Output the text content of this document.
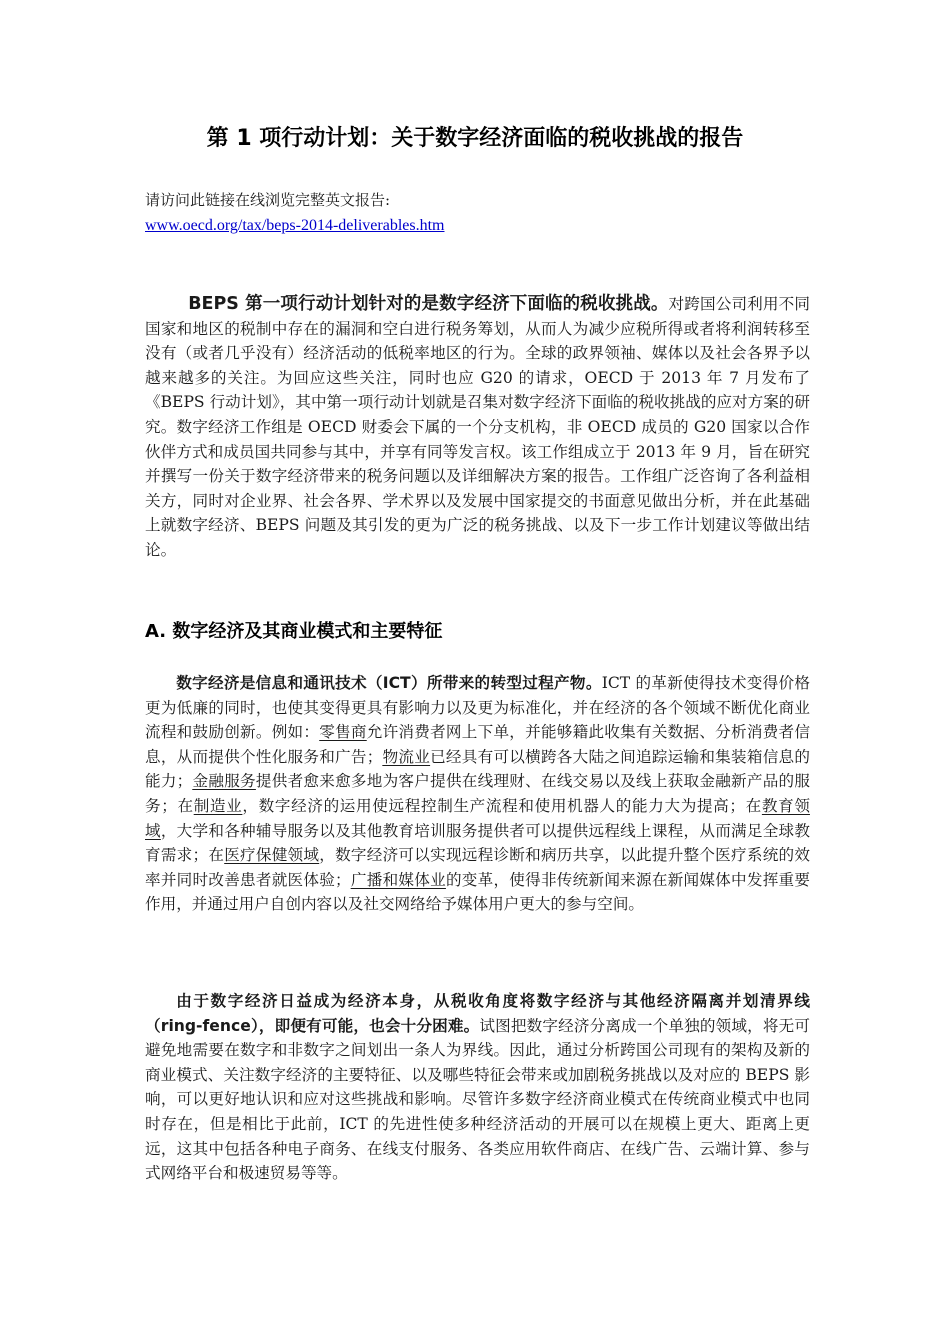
第 1 项行动计划：关于数字经济面临的税收挑战的报告
请访问此链接在线浏览完整英文报告:
www.oecd.org/tax/beps-2014-deliverables.htm

BEPS 第一项行动计划针对的是数字经济下面临的税收挑战。对跨国公司利用不同国家和地区的税制中存在的漏洞和空白进行税务筹划，从而人为减少应税所得或者将利润转移至没有（或者几乎没有）经济活动的低税率地区的行为。全球的政界领袖、媒体以及社会各界予以越来越多的关注。为回应这些关注，同时也应 G20 的请求，OECD 于 2013 年 7 月发布了《BEPS 行动计划》，其中第一项行动计划就是召集对数字经济下面临的税收挑战的应对方案的研究。数字经济工作组是 OECD 财委会下属的一个分支机构，非 OECD 成员的 G20 国家以合作伙伴方式和成员国共同参与其中，并享有同等发言权。该工作组成立于 2013 年 9 月，旨在研究并撰写一份关于数字经济带来的税务问题以及详细解决方案的报告。工作组广泛咨询了各利益相关方，同时对企业界、社会各界、学术界以及发展中国家提交的书面意见做出分析，并在此基础上就数字经济、BEPS 问题及其引发的更为广泛的税务挑战、以及下一步工作计划建议等做出结论。

A. 数字经济及其商业模式和主要特征

数字经济是信息和通讯技术（ICT）所带来的转型过程产物。ICT 的革新使得技术变得价格更为低廉的同时，也使其变得更具有影响力以及更为标准化，并在经济的各个领域不断优化商业流程和鼓励创新。例如：零售商允许消费者网上下单，并能够籍此收集有关数据、分析消费者信息，从而提供个性化服务和广告；物流业已经具有可以横跨各大陆之间追踪运输和集装箱信息的能力；金融服务提供者愈来愈多地为客户提供在线理财、在线交易以及线上获取金融新产品的服务；在制造业，数字经济的运用使远程控制生产流程和使用机器人的能力大为提高；在教育领域，大学和各种辅导服务以及其他教育培训服务提供者可以提供远程线上课程，从而满足全球教育需求；在医疗保健领域，数字经济可以实现远程诊断和病历共享，以此提升整个医疗系统的效率并同时改善患者就医体验；广播和媒体业的变革，使得非传统新闻来源在新闻媒体中发挥重要作用，并通过用户自创内容以及社交网络给予媒体用户更大的参与空间。

由于数字经济日益成为经济本身，从税收角度将数字经济与其他经济隔离并划清界线（ring-fence），即便有可能，也会十分困难。试图把数字经济分离成一个单独的领域，将无可避免地需要在数字和非数字之间划出一条人为界线。因此，通过分析跨国公司现有的架构及新的商业模式、关注数字经济的主要特征、以及哪些特征会带来或加剧税务挑战以及对应的 BEPS 影响，可以更好地认识和应对这些挑战和影响。尽管许多数字经济商业模式在传统商业模式中也同时存在，但是相比于此前，ICT 的先进性使多种经济活动的开展可以在规模上更大、距离上更远，这其中包括各种电子商务、在线支付服务、各类应用软件商店、在线广告、云端计算、参与式网络平台和极速贸易等等。
